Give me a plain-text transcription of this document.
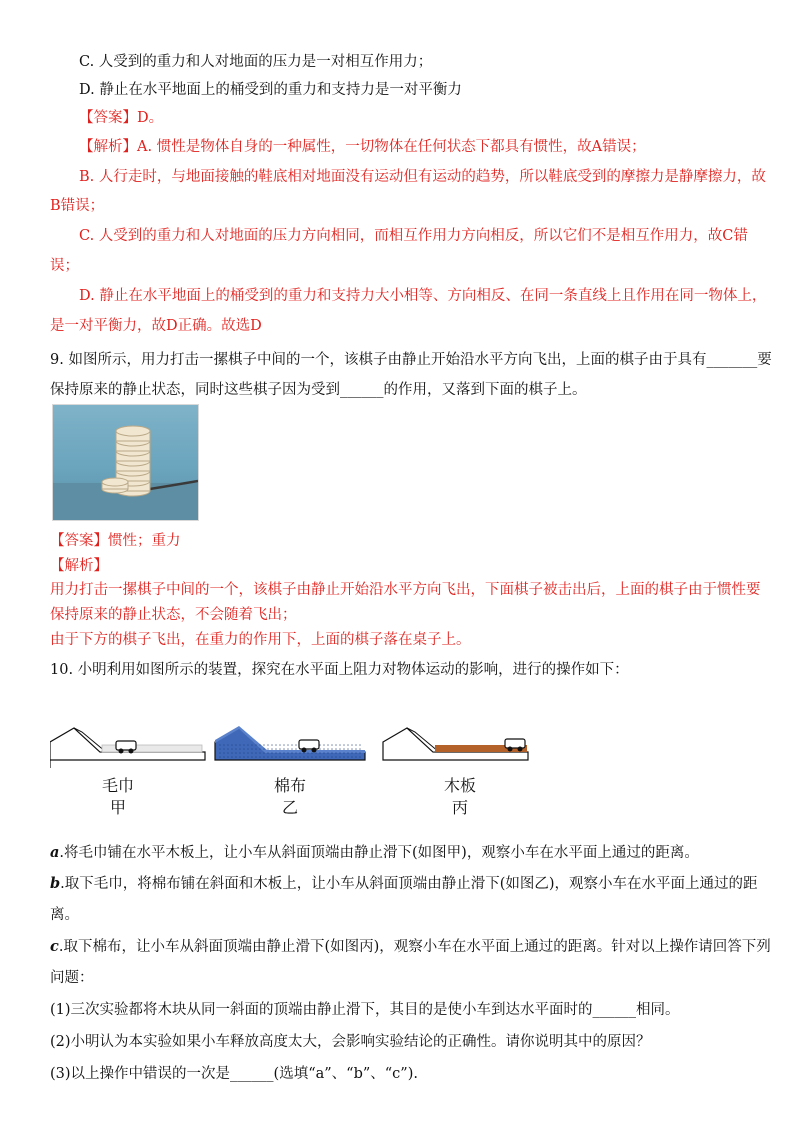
C. 人受到的重力和人对地面的压力是一对相互作用力；
D. 静止在水平地面上的桶受到的重力和支持力是一对平衡力
【答案】D。
【解析】A. 惯性是物体自身的一种属性，一切物体在任何状态下都具有惯性，故A错误；
B. 人行走时，与地面接触的鞋底相对地面没有运动但有运动的趋势，所以鞋底受到的摩擦力是静摩擦力，故
B错误；
C. 人受到的重力和人对地面的压力方向相同，而相互作用力方向相反，所以它们不是相互作用力，故C错
误；
D. 静止在水平地面上的桶受到的重力和支持力大小相等、方向相反、在同一条直线上且作用在同一物体上，
是一对平衡力，故D正确。故选D
9. 如图所示，用力打击一摞棋子中间的一个，该棋子由静止开始沿水平方向飞出，上面的棋子由于具有_______要
保持原来的静止状态，同时这些棋子因为受到______的作用，又落到下面的棋子上。
【答案】惯性；重力
【解析】
用力打击一摞棋子中间的一个，该棋子由静止开始沿水平方向飞出，下面棋子被击出后，上面的棋子由于惯性要
保持原来的静止状态，不会随着飞出；
由于下方的棋子飞出，在重力的作用下，上面的棋子落在桌子上。
10. 小明利用如图所示的装置，探究在水平面上阻力对物体运动的影响，进行的操作如下：
毛巾
甲
棉布
乙
木板
丙
a.将毛巾铺在水平木板上，让小车从斜面顶端由静止滑下(如图甲)，观察小车在水平面上通过的距离。
b.取下毛巾，将棉布铺在斜面和木板上，让小车从斜面顶端由静止滑下(如图乙)，观察小车在水平面上通过的距
离。
c.取下棉布，让小车从斜面顶端由静止滑下(如图丙)，观察小车在水平面上通过的距离。针对以上操作请回答下列
问题：
(1)三次实验都将木块从同一斜面的顶端由静止滑下，其目的是使小车到达水平面时的______相同。
(2)小明认为本实验如果小车释放高度太大，会影响实验结论的正确性。请你说明其中的原因？
(3)以上操作中错误的一次是______(选填“a”、“b”、“c”).
